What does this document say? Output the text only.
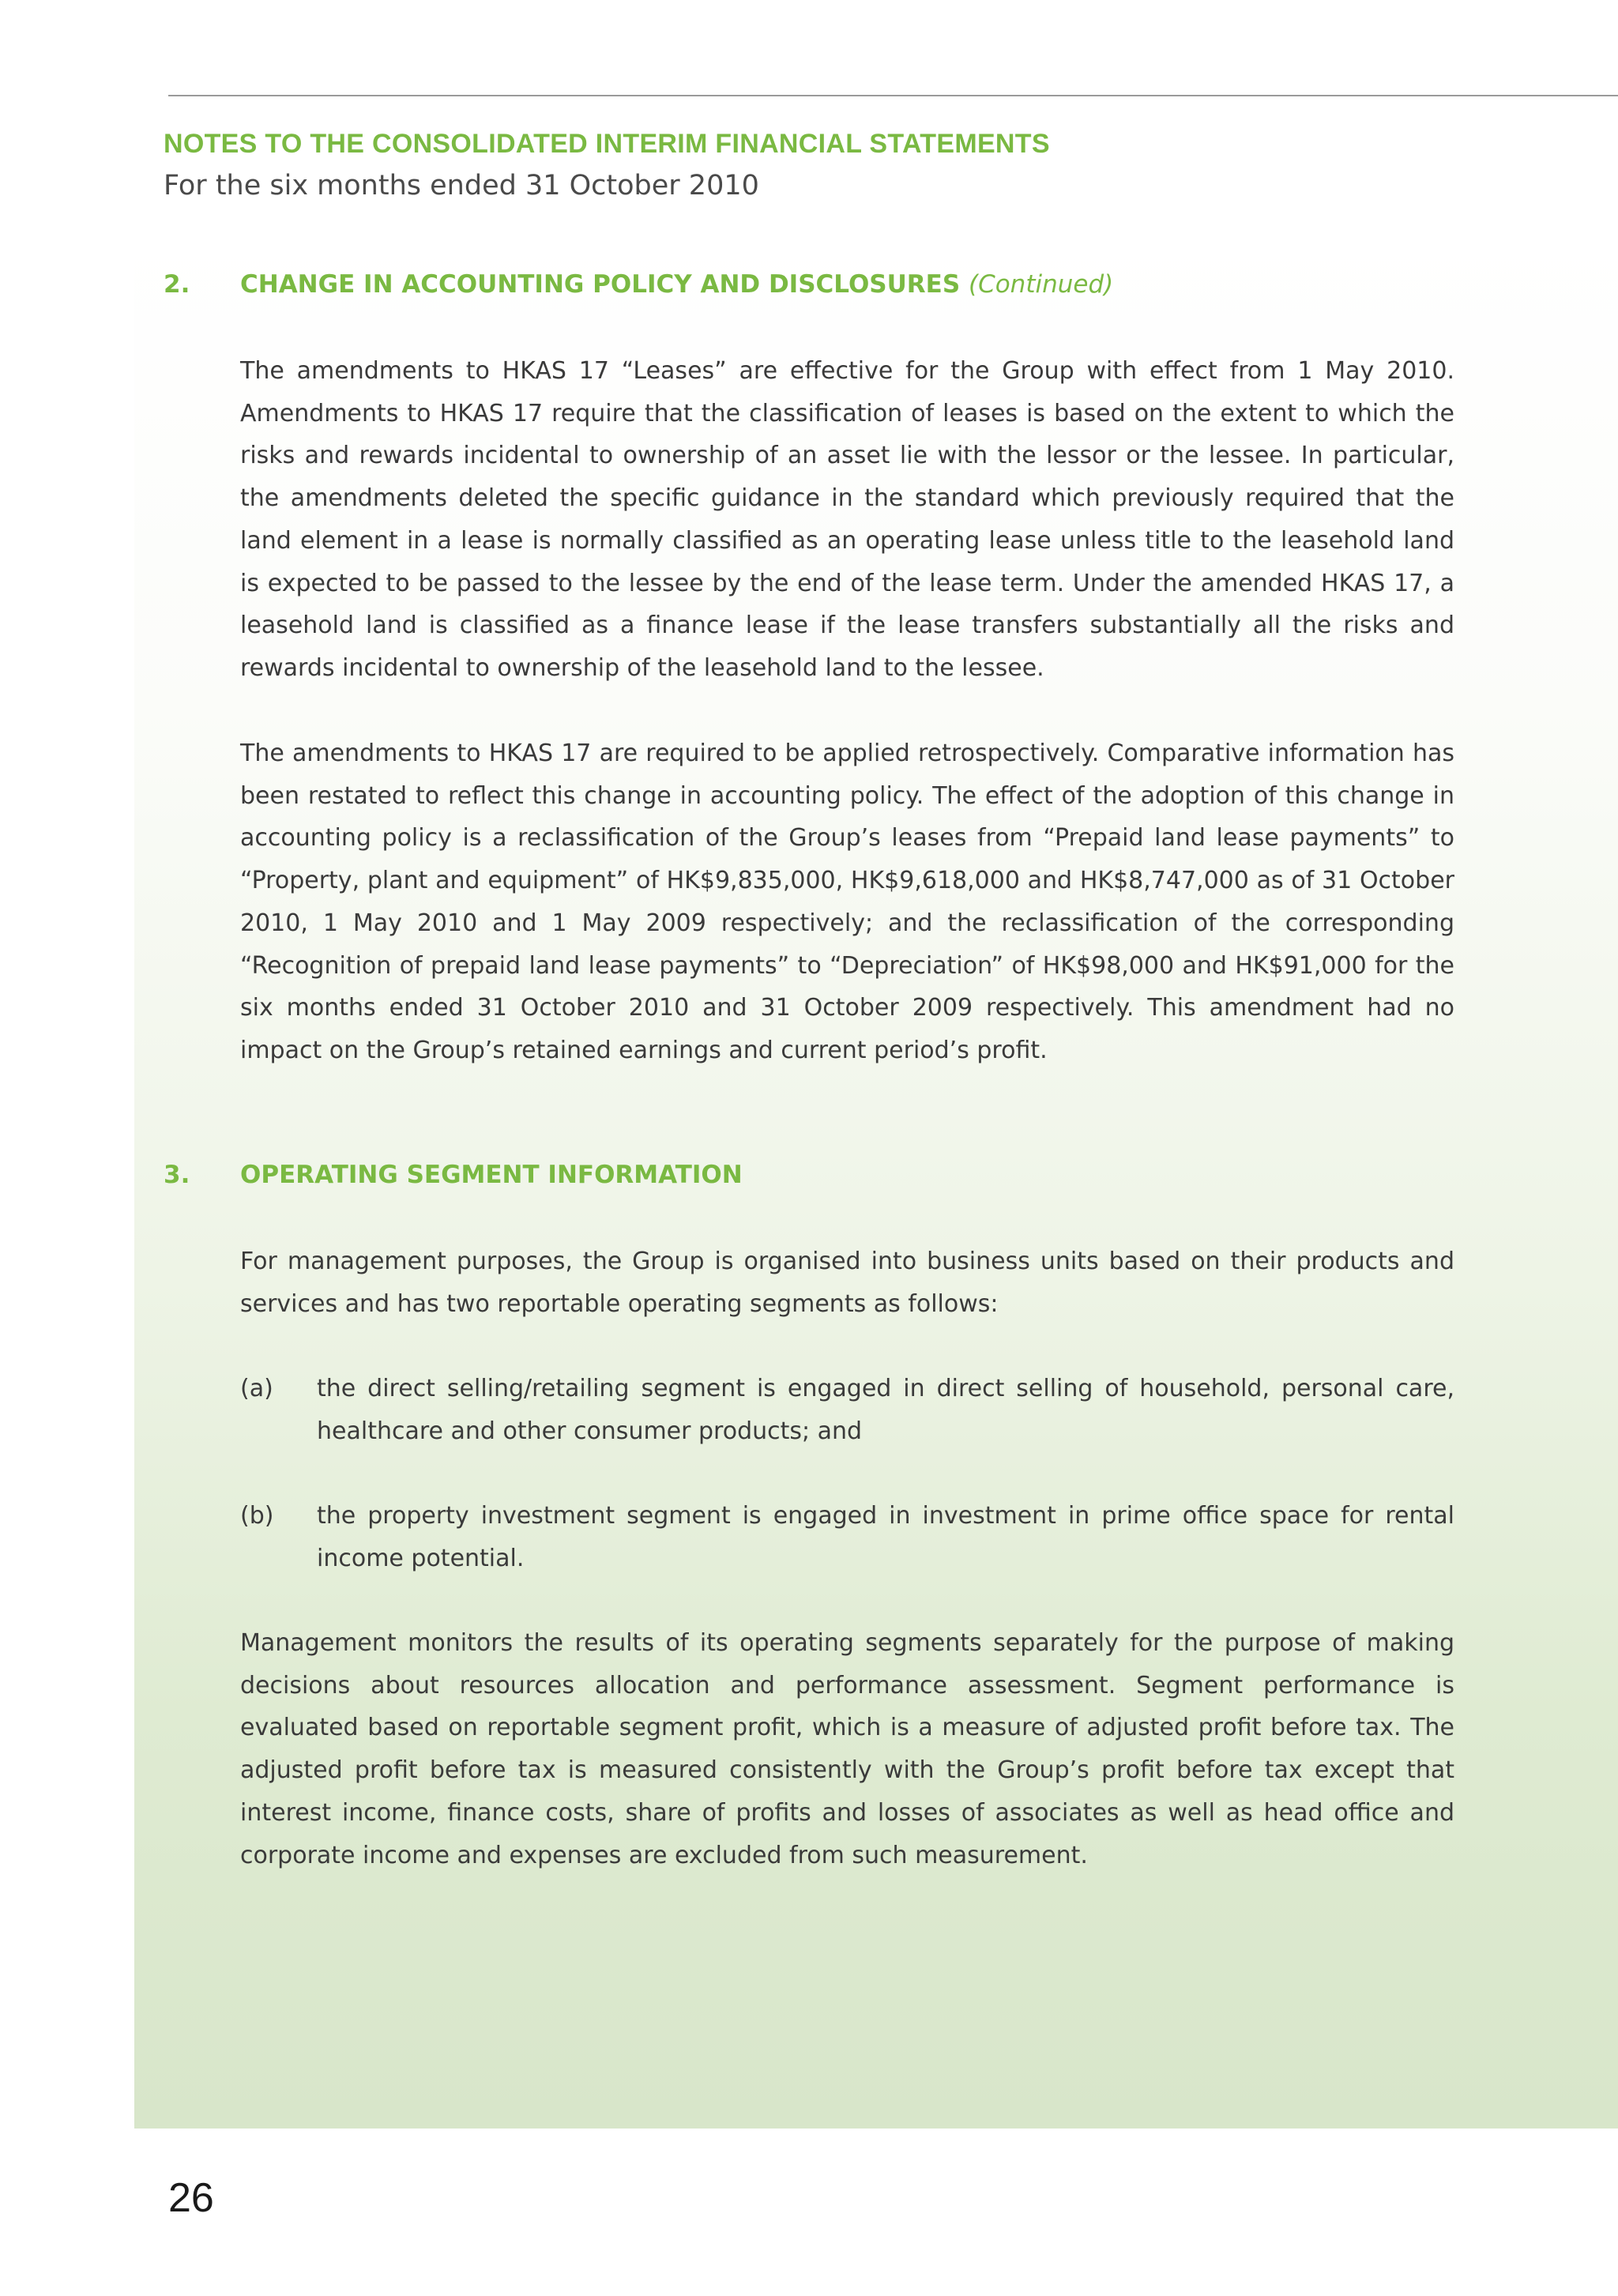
NOTES TO THE CONSOLIDATED INTERIM FINANCIAL STATEMENTS
For the six months ended 31 October 2010
2. CHANGE IN ACCOUNTING POLICY AND DISCLOSURES (Continued)

The amendments to HKAS 17 “Leases” are effective for the Group with effect from 1 May 2010. Amendments to HKAS 17 require that the classification of leases is based on the extent to which the risks and rewards incidental to ownership of an asset lie with the lessor or the lessee. In particular, the amendments deleted the specific guidance in the standard which previously required that the land element in a lease is normally classified as an operating lease unless title to the leasehold land is expected to be passed to the lessee by the end of the lease term. Under the amended HKAS 17, a leasehold land is classified as a finance lease if the lease transfers substantially all the risks and rewards incidental to ownership of the leasehold land to the lessee.

The amendments to HKAS 17 are required to be applied retrospectively. Comparative information has been restated to reflect this change in accounting policy. The effect of the adoption of this change in accounting policy is a reclassification of the Group’s leases from “Prepaid land lease payments” to “Property, plant and equipment” of HK$9,835,000, HK$9,618,000 and HK$8,747,000 as of 31 October 2010, 1 May 2010 and 1 May 2009 respectively; and the reclassification of the corresponding “Recognition of prepaid land lease payments” to “Depreciation” of HK$98,000 and HK$91,000 for the six months ended 31 October 2010 and 31 October 2009 respectively. This amendment had no impact on the Group’s retained earnings and current period’s profit.

3. OPERATING SEGMENT INFORMATION

For management purposes, the Group is organised into business units based on their products and services and has two reportable operating segments as follows:

(a) the direct selling/retailing segment is engaged in direct selling of household, personal care, healthcare and other consumer products; and

(b) the property investment segment is engaged in investment in prime office space for rental income potential.

Management monitors the results of its operating segments separately for the purpose of making decisions about resources allocation and performance assessment. Segment performance is evaluated based on reportable segment profit, which is a measure of adjusted profit before tax. The adjusted profit before tax is measured consistently with the Group’s profit before tax except that interest income, finance costs, share of profits and losses of associates as well as head office and corporate income and expenses are excluded from such measurement.

26
